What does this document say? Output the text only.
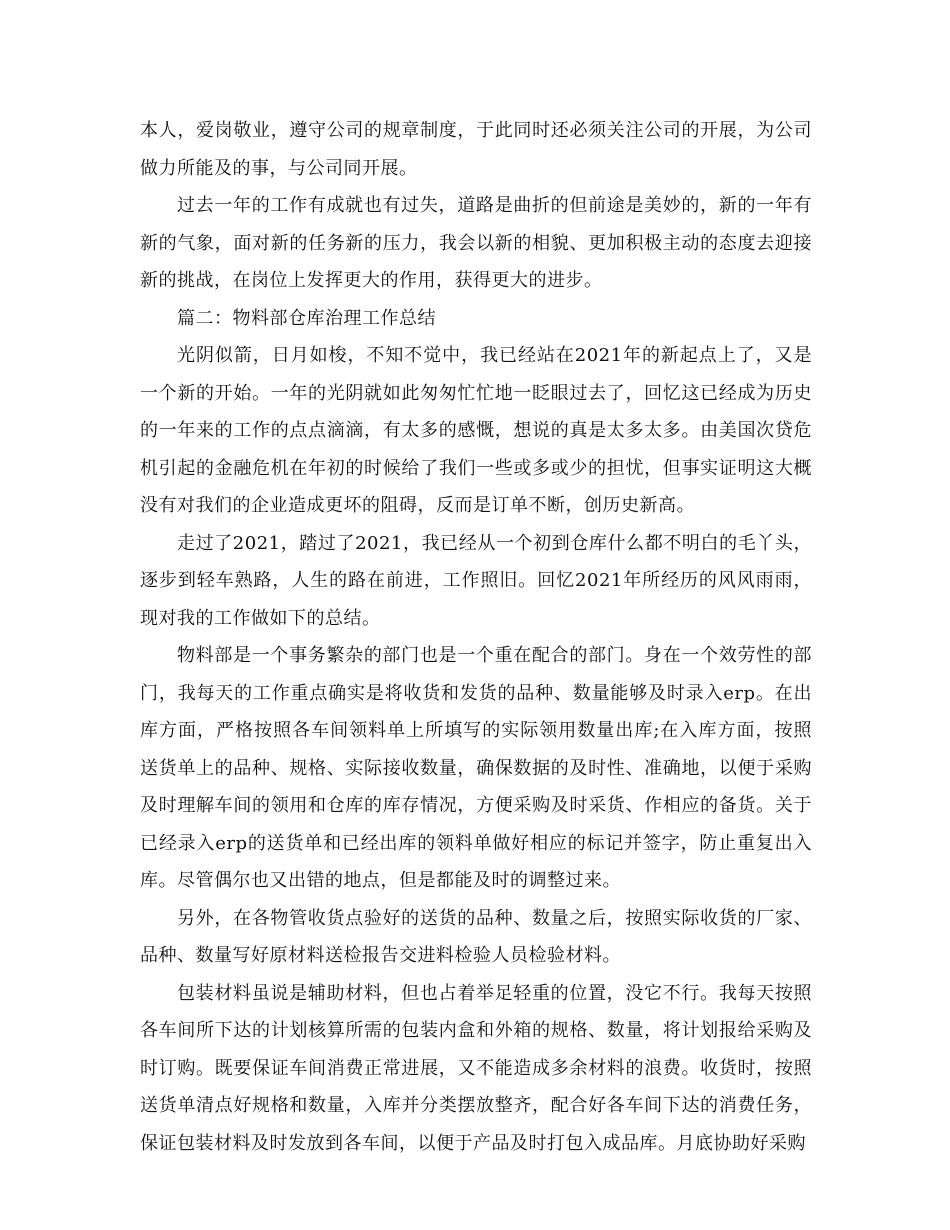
本人，爱岗敬业，遵守公司的规章制度，于此同时还必须关注公司的开展，为公司做力所能及的事，与公司同开展。

过去一年的工作有成就也有过失，道路是曲折的但前途是美妙的，新的一年有新的气象，面对新的任务新的压力，我会以新的相貌、更加积极主动的态度去迎接新的挑战，在岗位上发挥更大的作用，获得更大的进步。

篇二：物料部仓库治理工作总结

光阴似箭，日月如梭，不知不觉中，我已经站在2021年的新起点上了，又是一个新的开始。一年的光阴就如此匆匆忙忙地一眨眼过去了，回忆这已经成为历史的一年来的工作的点点滴滴，有太多的感慨，想说的真是太多太多。由美国次贷危机引起的金融危机在年初的时候给了我们一些或多或少的担忧，但事实证明这大概没有对我们的企业造成更坏的阻碍，反而是订单不断，创历史新高。

走过了2021，踏过了2021，我已经从一个初到仓库什么都不明白的毛丫头，逐步到轻车熟路，人生的路在前进，工作照旧。回忆2021年所经历的风风雨雨，现对我的工作做如下的总结。

物料部是一个事务繁杂的部门也是一个重在配合的部门。身在一个效劳性的部门，我每天的工作重点确实是将收货和发货的品种、数量能够及时录入erp。在出库方面，严格按照各车间领料单上所填写的实际领用数量出库;在入库方面，按照送货单上的品种、规格、实际接收数量，确保数据的及时性、准确地，以便于采购及时理解车间的领用和仓库的库存情况，方便采购及时采货、作相应的备货。关于已经录入erp的送货单和已经出库的领料单做好相应的标记并签字，防止重复出入库。尽管偶尔也又出错的地点，但是都能及时的调整过来。

另外，在各物管收货点验好的送货的品种、数量之后，按照实际收货的厂家、品种、数量写好原材料送检报告交进料检验人员检验材料。

包装材料虽说是辅助材料，但也占着举足轻重的位置，没它不行。我每天按照各车间所下达的计划核算所需的包装内盒和外箱的规格、数量，将计划报给采购及时订购。既要保证车间消费正常进展，又不能造成多余材料的浪费。收货时，按照送货单清点好规格和数量，入库并分类摆放整齐，配合好各车间下达的消费任务，保证包装材料及时发放到各车间，以便于产品及时打包入成品库。月底协助好采购
